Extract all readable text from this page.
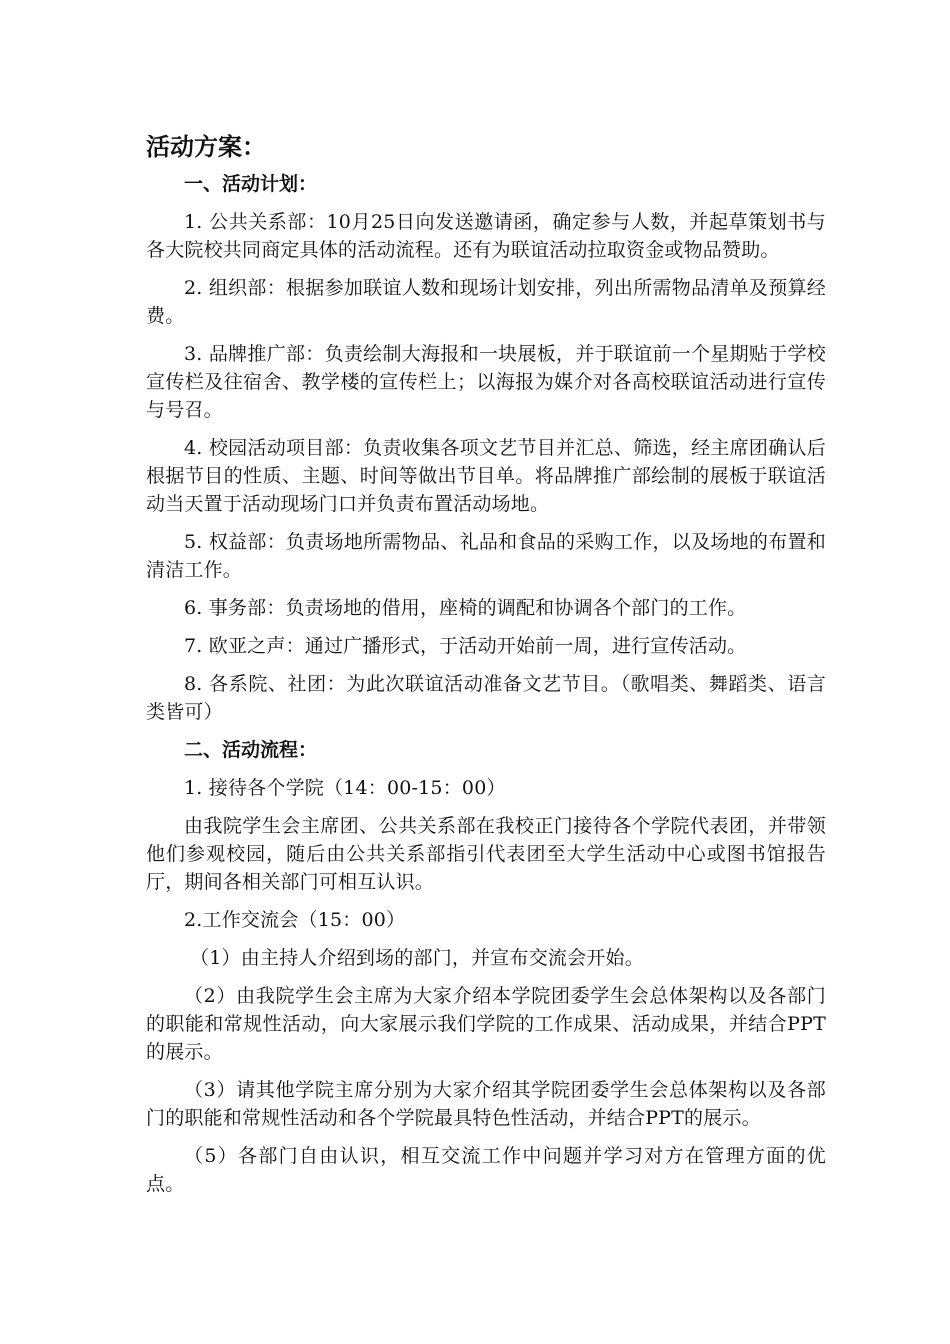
活动方案：
一、活动计划：

1. 公共关系部：10月25日向发送邀请函，确定参与人数，并起草策划书与各大院校共同商定具体的活动流程。还有为联谊活动拉取资金或物品赞助。

2. 组织部：根据参加联谊人数和现场计划安排，列出所需物品清单及预算经费。

3. 品牌推广部：负责绘制大海报和一块展板，并于联谊前一个星期贴于学校宣传栏及往宿舍、教学楼的宣传栏上；以海报为媒介对各高校联谊活动进行宣传与号召。

4. 校园活动项目部：负责收集各项文艺节目并汇总、筛选，经主席团确认后根据节目的性质、主题、时间等做出节目单。将品牌推广部绘制的展板于联谊活动当天置于活动现场门口并负责布置活动场地。

5. 权益部：负责场地所需物品、礼品和食品的采购工作，以及场地的布置和清洁工作。

6. 事务部：负责场地的借用，座椅的调配和协调各个部门的工作。

7. 欧亚之声：通过广播形式，于活动开始前一周，进行宣传活动。

8. 各系院、社团：为此次联谊活动准备文艺节目。（歌唱类、舞蹈类、语言类皆可）

二、活动流程：

1. 接待各个学院（14：00-15：00）

由我院学生会主席团、公共关系部在我校正门接待各个学院代表团，并带领他们参观校园，随后由公共关系部指引代表团至大学生活动中心或图书馆报告厅，期间各相关部门可相互认识。

2.工作交流会（15：00）

（1）由主持人介绍到场的部门，并宣布交流会开始。

（2）由我院学生会主席为大家介绍本学院团委学生会总体架构以及各部门的职能和常规性活动，向大家展示我们学院的工作成果、活动成果，并结合PPT的展示。

（3）请其他学院主席分别为大家介绍其学院团委学生会总体架构以及各部门的职能和常规性活动和各个学院最具特色性活动，并结合PPT的展示。

（5）各部门自由认识，相互交流工作中问题并学习对方在管理方面的优点。
